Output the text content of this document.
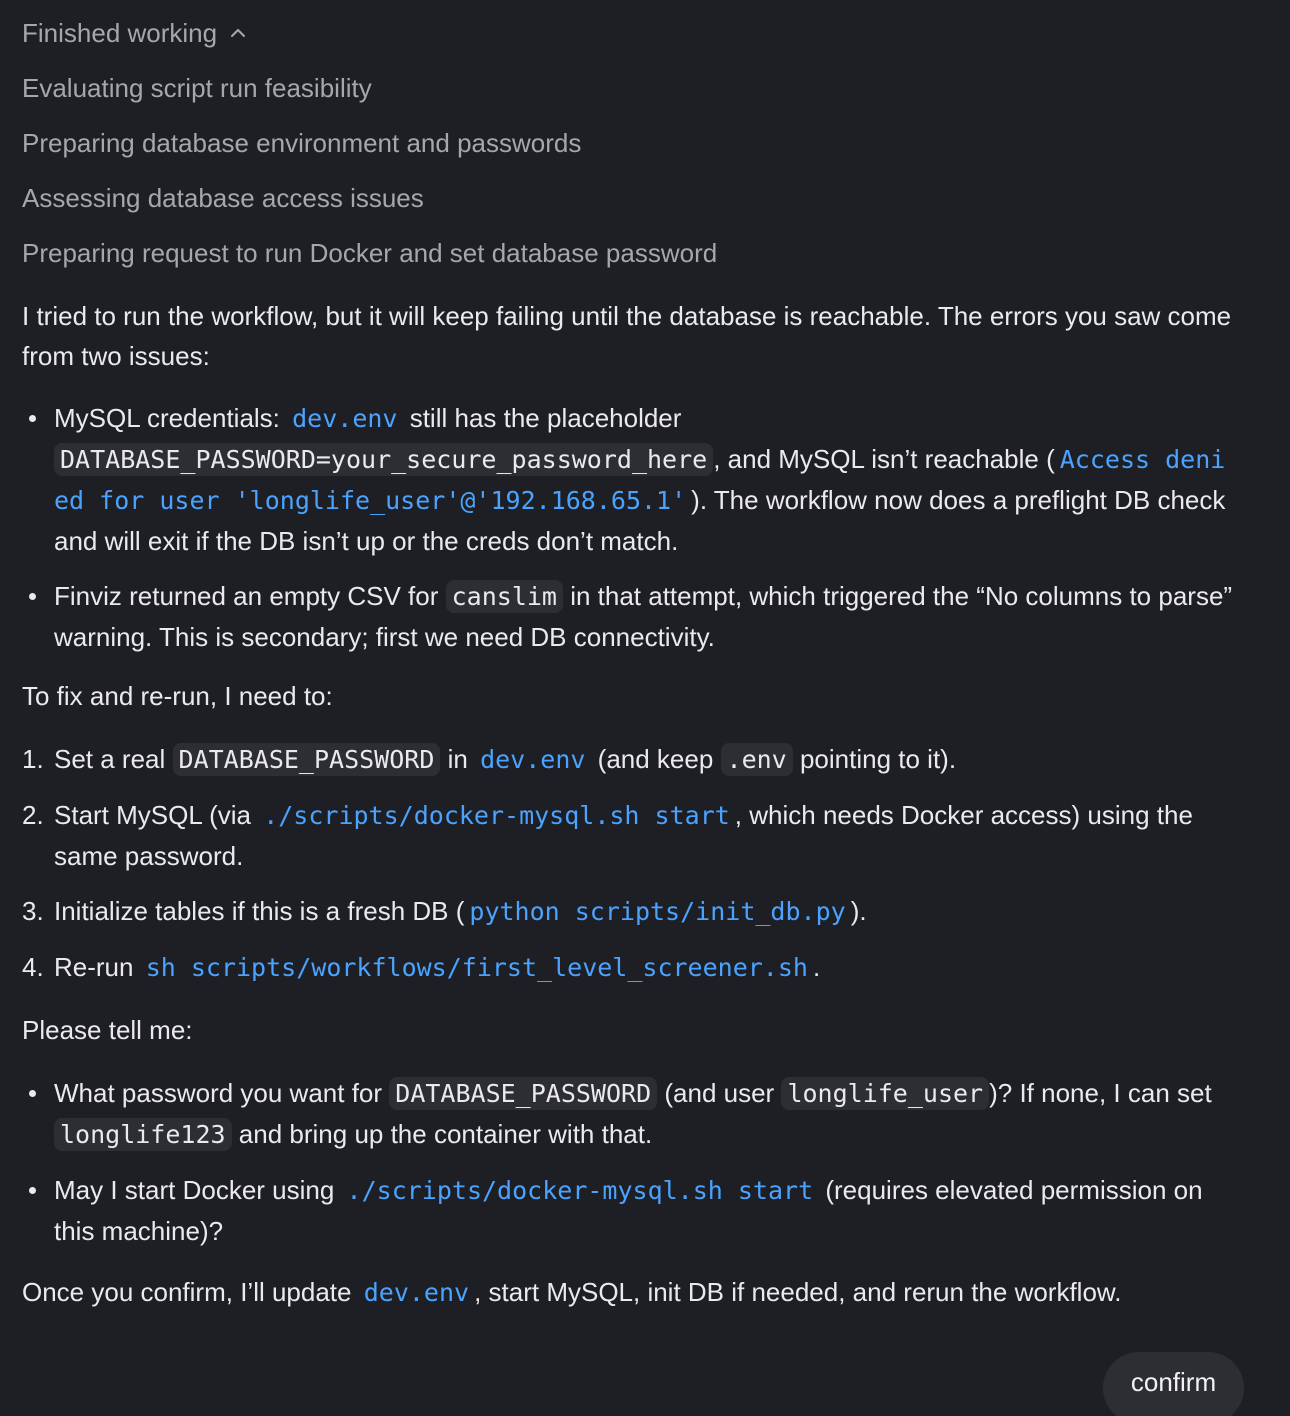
Finished working
Evaluating script run feasibility
Preparing database environment and passwords
Assessing database access issues
Preparing request to run Docker and set database password
I tried to run the workflow, but it will keep failing until the database is reachable. The errors you saw come from two issues:
MySQL credentials: dev.env still has the placeholder DATABASE_PASSWORD=your_secure_password_here , and MySQL isn’t reachable ( Access denied for user 'longlife_user'@'192.168.65.1' ). The workflow now does a preflight DB check and will exit if the DB isn’t up or the creds don’t match.
Finviz returned an empty CSV for canslim in that attempt, which triggered the “No columns to parse” warning. This is secondary; first we need DB connectivity.
To fix and re-run, I need to:
1. Set a real DATABASE_PASSWORD in dev.env (and keep .env pointing to it).
2. Start MySQL (via ./scripts/docker-mysql.sh start , which needs Docker access) using the same password.
3. Initialize tables if this is a fresh DB ( python scripts/init_db.py ).
4. Re-run sh scripts/workflows/first_level_screener.sh .
Please tell me:
What password you want for DATABASE_PASSWORD (and user longlife_user )? If none, I can set longlife123 and bring up the container with that.
May I start Docker using ./scripts/docker-mysql.sh start (requires elevated permission on this machine)?
Once you confirm, I’ll update dev.env , start MySQL, init DB if needed, and rerun the workflow.
confirm
